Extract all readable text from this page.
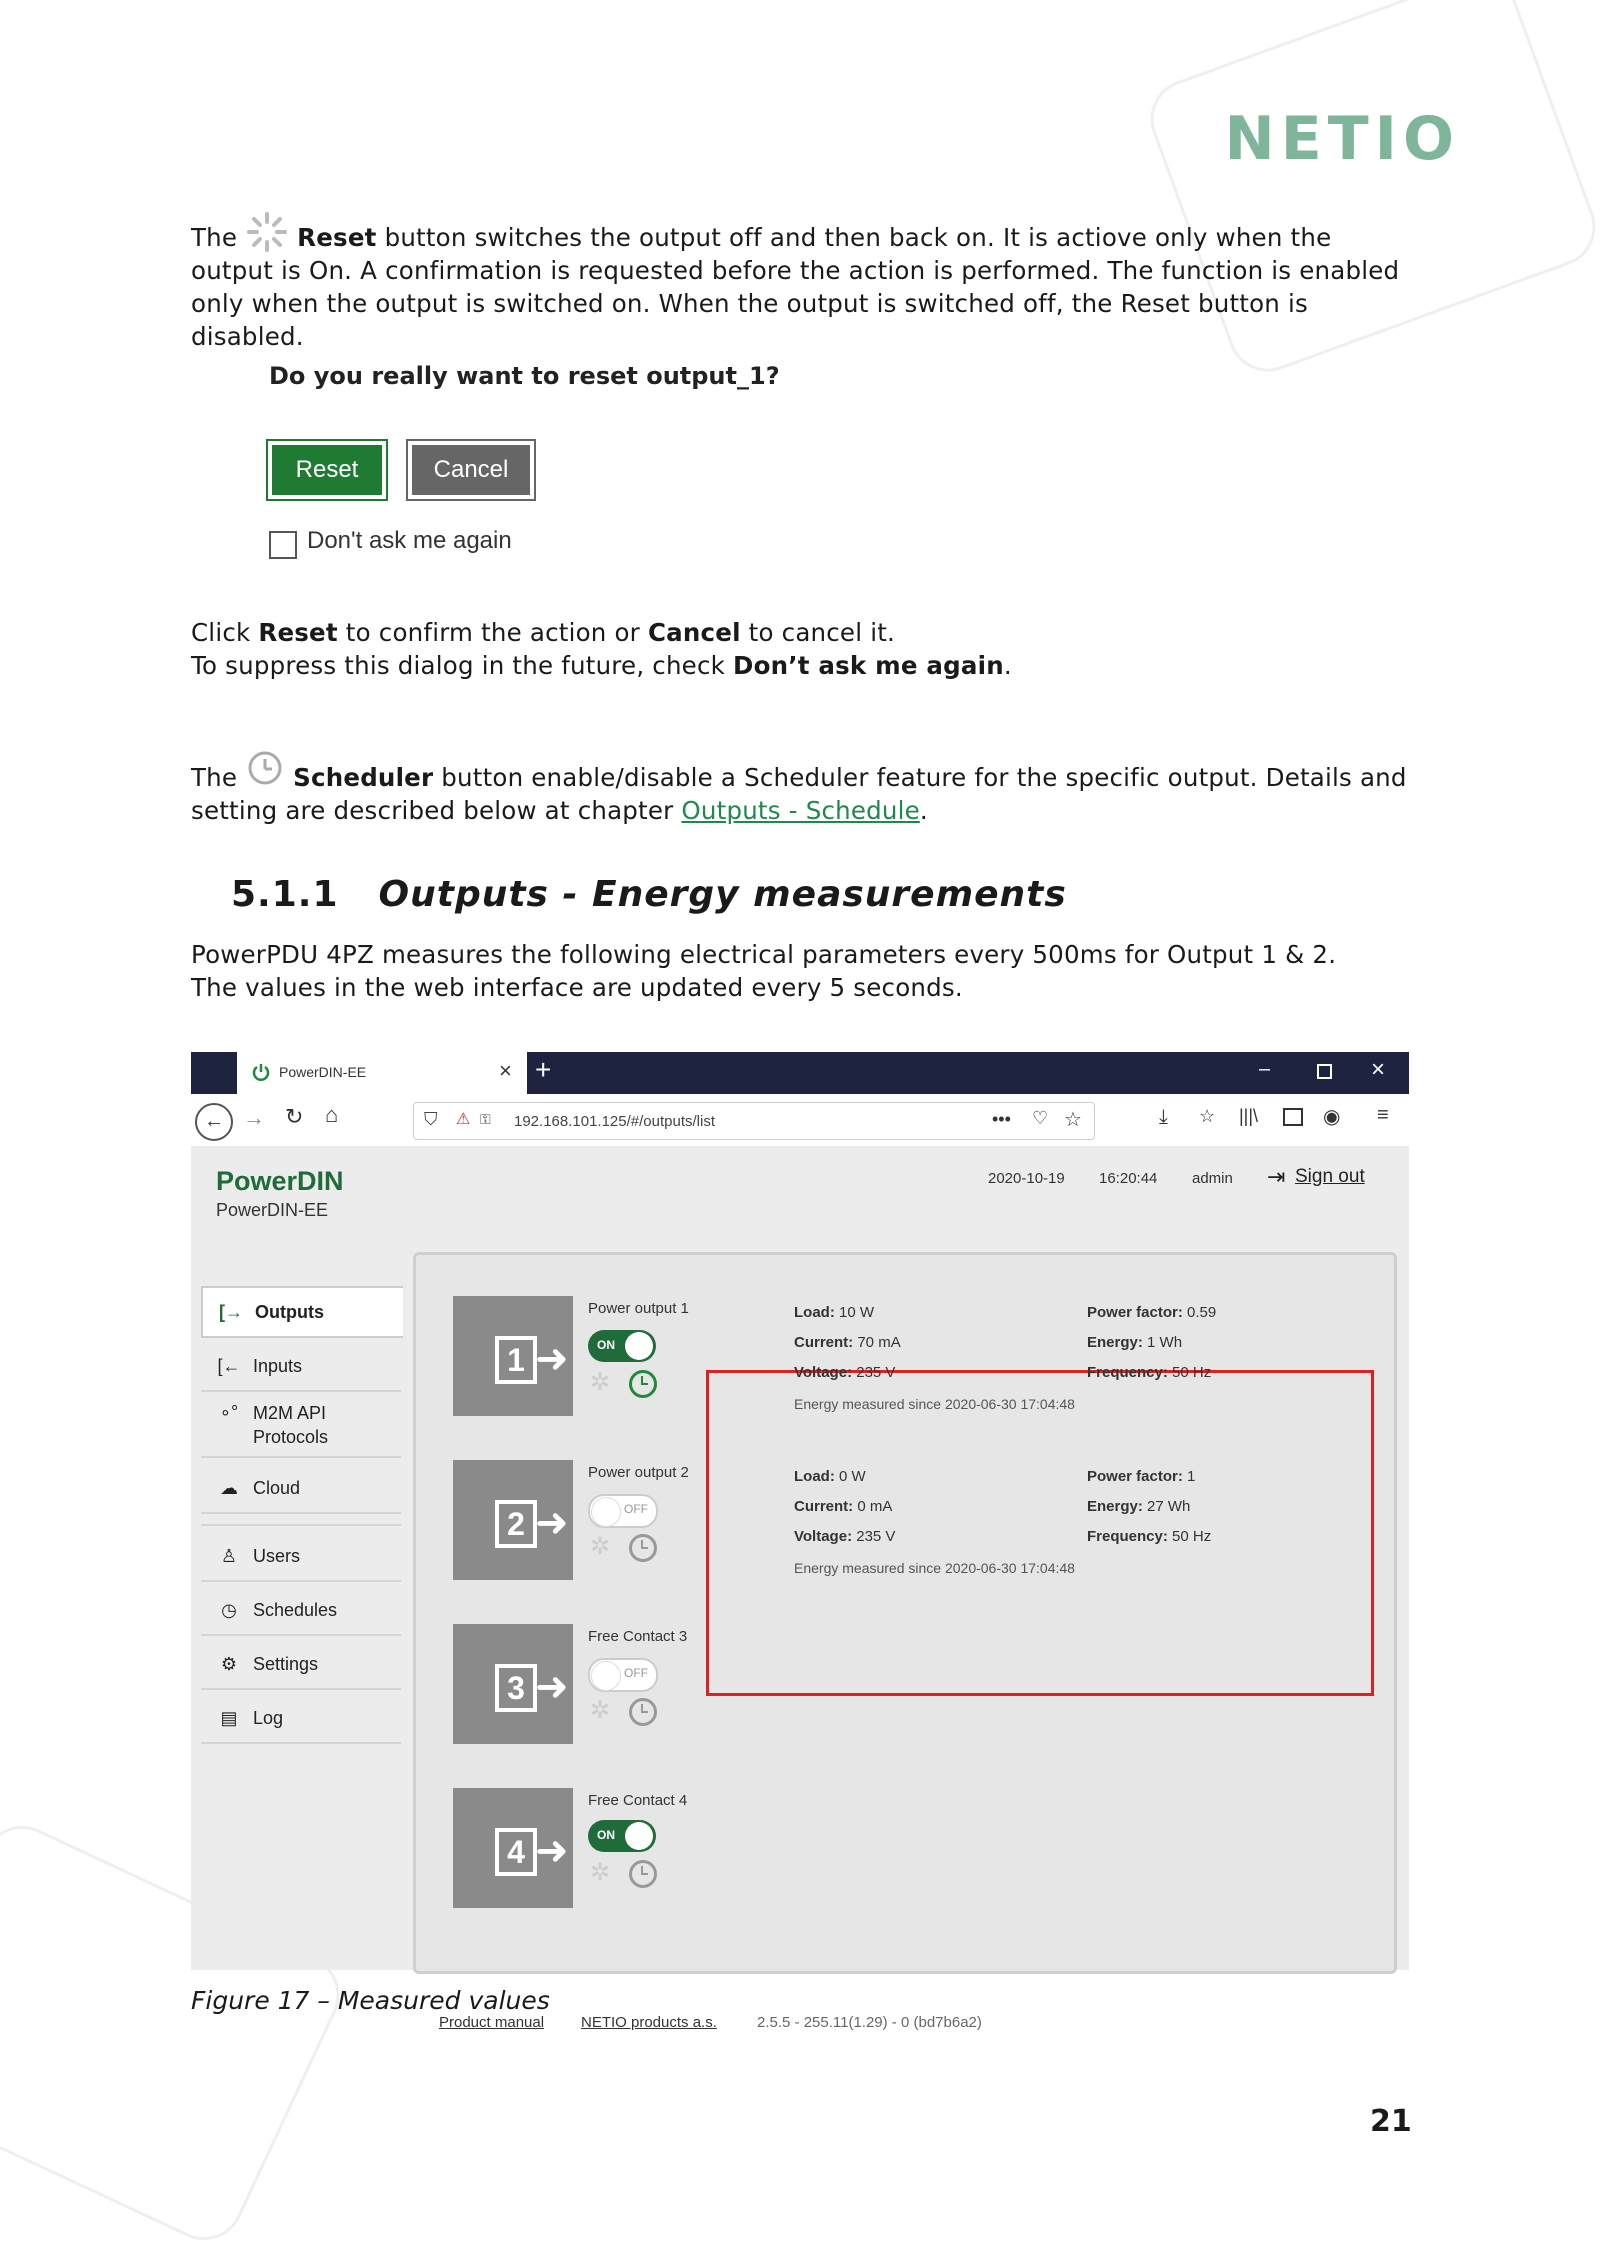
NETIO
The Reset button switches the output off and then back on. It is actiove only when the output is On. A confirmation is requested before the action is performed. The function is enabled only when the output is switched on. When the output is switched off, the Reset button is disabled.
Do you really want to reset output_1?
Reset	Cancel
Don't ask me again
Click Reset to confirm the action or Cancel to cancel it.
To suppress this dialog in the future, check Don’t ask me again.
The Scheduler button enable/disable a Scheduler feature for the specific output. Details and setting are described below at chapter Outputs - Schedule.
5.1.1 Outputs - Energy measurements
PowerPDU 4PZ measures the following electrical parameters every 500ms for Output 1 & 2.
The values in the web interface are updated every 5 seconds.
PowerDIN-EE	× +	–	×
← → ↻ ⌂	⛉ ⚠ ⚿ 192.168.101.125/#/outputs/list	••• ♡ ☆	⤓ ☆ |||\	◉ ≡
PowerDIN
PowerDIN-EE
2020-10-19 16:20:44 admin ⇥ Sign out
[→ Outputs
[← Inputs
∘° M2M API
Protocols
☁ Cloud
♙ Users
◷ Schedules
⚙ Settings
▤ Log
1 ➜
Power output 1
ON
✲
2 ➜
Power output 2
OFF
✲
3 ➜
Free Contact 3
OFF
✲
4 ➜
Free Contact 4
ON
✲
Load: 10 W
Current: 70 mA
Voltage: 235 V
Power factor: 0.59
Energy: 1 Wh
Frequency: 50 Hz
Energy measured since 2020-06-30 17:04:48
Load: 0 W
Current: 0 mA
Voltage: 235 V
Power factor: 1
Energy: 27 Wh
Frequency: 50 Hz
Energy measured since 2020-06-30 17:04:48
Product manual NETIO products a.s.	2.5.5 - 255.11(1.29) - 0 (bd7b6a2)
Figure 17 – Measured values
21
